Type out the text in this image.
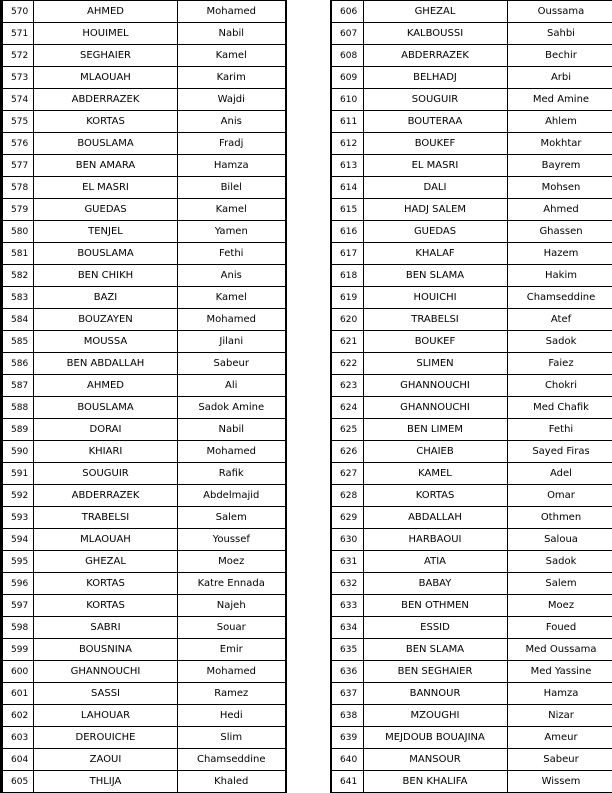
570	AHMED	Mohamed
571	HOUIMEL	Nabil
572	SEGHAIER	Kamel
573	MLAOUAH	Karim
574	ABDERRAZEK	Wajdi
575	KORTAS	Anis
576	BOUSLAMA	Fradj
577	BEN AMARA	Hamza
578	EL MASRI	Bilel
579	GUEDAS	Kamel
580	TENJEL	Yamen
581	BOUSLAMA	Fethi
582	BEN CHIKH	Anis
583	BAZI	Kamel
584	BOUZAYEN	Mohamed
585	MOUSSA	Jilani
586	BEN ABDALLAH	Sabeur
587	AHMED	Ali
588	BOUSLAMA	Sadok Amine
589	DORAI	Nabil
590	KHIARI	Mohamed
591	SOUGUIR	Rafik
592	ABDERRAZEK	Abdelmajid
593	TRABELSI	Salem
594	MLAOUAH	Youssef
595	GHEZAL	Moez
596	KORTAS	Katre Ennada
597	KORTAS	Najeh
598	SABRI	Souar
599	BOUSNINA	Emir
600	GHANNOUCHI	Mohamed
601	SASSI	Ramez
602	LAHOUAR	Hedi
603	DEROUICHE	Slim
604	ZAOUI	Chamseddine
605	THLIJA	Khaled
606	GHEZAL	Oussama
607	KALBOUSSI	Sahbi
608	ABDERRAZEK	Bechir
609	BELHADJ	Arbi
610	SOUGUIR	Med Amine
611	BOUTERAA	Ahlem
612	BOUKEF	Mokhtar
613	EL MASRI	Bayrem
614	DALI	Mohsen
615	HADJ SALEM	Ahmed
616	GUEDAS	Ghassen
617	KHALAF	Hazem
618	BEN SLAMA	Hakim
619	HOUICHI	Chamseddine
620	TRABELSI	Atef
621	BOUKEF	Sadok
622	SLIMEN	Faiez
623	GHANNOUCHI	Chokri
624	GHANNOUCHI	Med Chafik
625	BEN LIMEM	Fethi
626	CHAIEB	Sayed Firas
627	KAMEL	Adel
628	KORTAS	Omar
629	ABDALLAH	Othmen
630	HARBAOUI	Saloua
631	ATIA	Sadok
632	BABAY	Salem
633	BEN OTHMEN	Moez
634	ESSID	Foued
635	BEN SLAMA	Med Oussama
636	BEN SEGHAIER	Med Yassine
637	BANNOUR	Hamza
638	MZOUGHI	Nizar
639	MEJDOUB BOUAJINA	Ameur
640	MANSOUR	Sabeur
641	BEN KHALIFA	Wissem
